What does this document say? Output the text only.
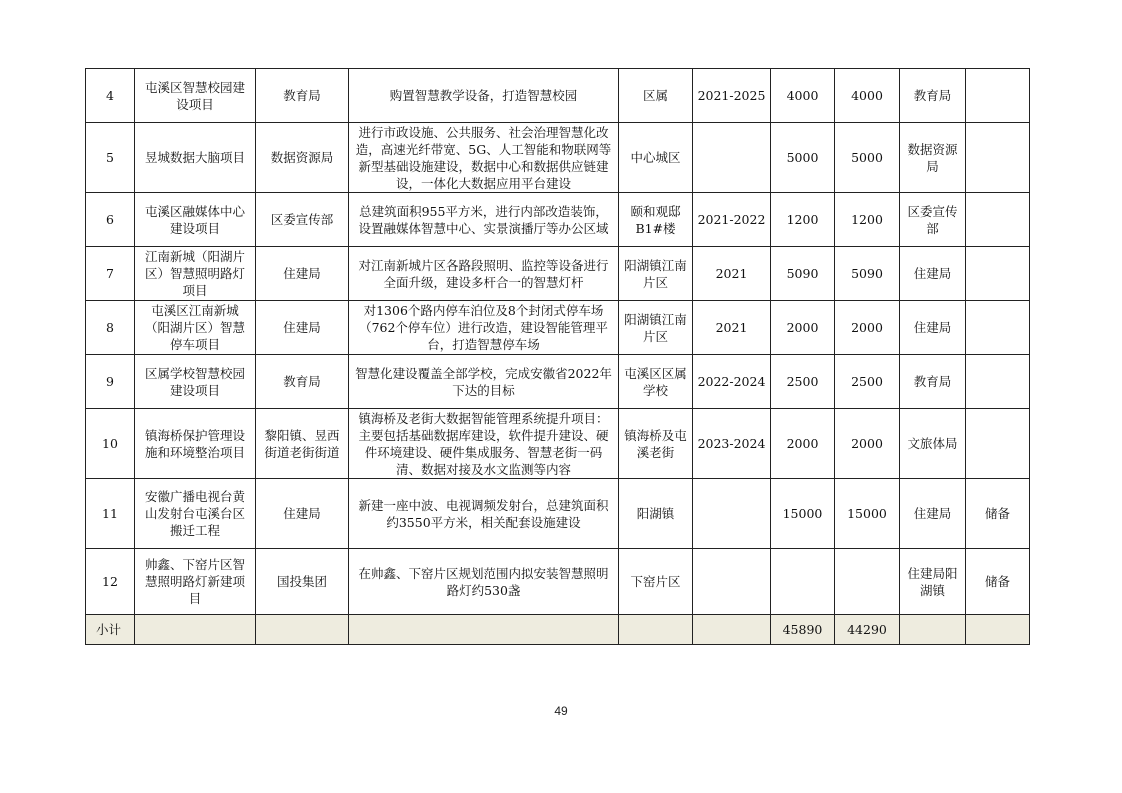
4	屯溪区智慧校园建设项目	教育局	购置智慧教学设备，打造智慧校园	区属	2021-2025	4000	4000	教育局	
5	昱城数据大脑项目	数据资源局	进行市政设施、公共服务、社会治理智慧化改造，高速光纤带宽、5G、人工智能和物联网等新型基础设施建设，数据中心和数据供应链建设，一体化大数据应用平台建设	中心城区		5000	5000	数据资源局	
6	屯溪区融媒体中心建设项目	区委宣传部	总建筑面积955平方米，进行内部改造装饰，设置融媒体智慧中心、实景演播厅等办公区域	颐和观邸B1#楼	2021-2022	1200	1200	区委宣传部	
7	江南新城（阳湖片区）智慧照明路灯项目	住建局	对江南新城片区各路段照明、监控等设备进行全面升级，建设多杆合一的智慧灯杆	阳湖镇江南片区	2021	5090	5090	住建局	
8	屯溪区江南新城（阳湖片区）智慧停车项目	住建局	对1306个路内停车泊位及8个封闭式停车场（762个停车位）进行改造，建设智能管理平台，打造智慧停车场	阳湖镇江南片区	2021	2000	2000	住建局	
9	区属学校智慧校园建设项目	教育局	智慧化建设覆盖全部学校，完成安徽省2022年下达的目标	屯溪区区属学校	2022-2024	2500	2500	教育局	
10	镇海桥保护管理设施和环境整治项目	黎阳镇、昱西街道老街街道	镇海桥及老街大数据智能管理系统提升项目：主要包括基础数据库建设，软件提升建设、硬件环境建设、硬件集成服务、智慧老街一码清、数据对接及水文监测等内容	镇海桥及屯溪老街	2023-2024	2000	2000	文旅体局	
11	安徽广播电视台黄山发射台屯溪台区搬迁工程	住建局	新建一座中波、电视调频发射台，总建筑面积约3550平方米，相关配套设施建设	阳湖镇		15000	15000	住建局	储备
12	帅鑫、下窑片区智慧照明路灯新建项目	国投集团	在帅鑫、下窑片区规划范围内拟安装智慧照明路灯约530盏	下窑片区				住建局阳湖镇	储备
小计						45890	44290		
49
